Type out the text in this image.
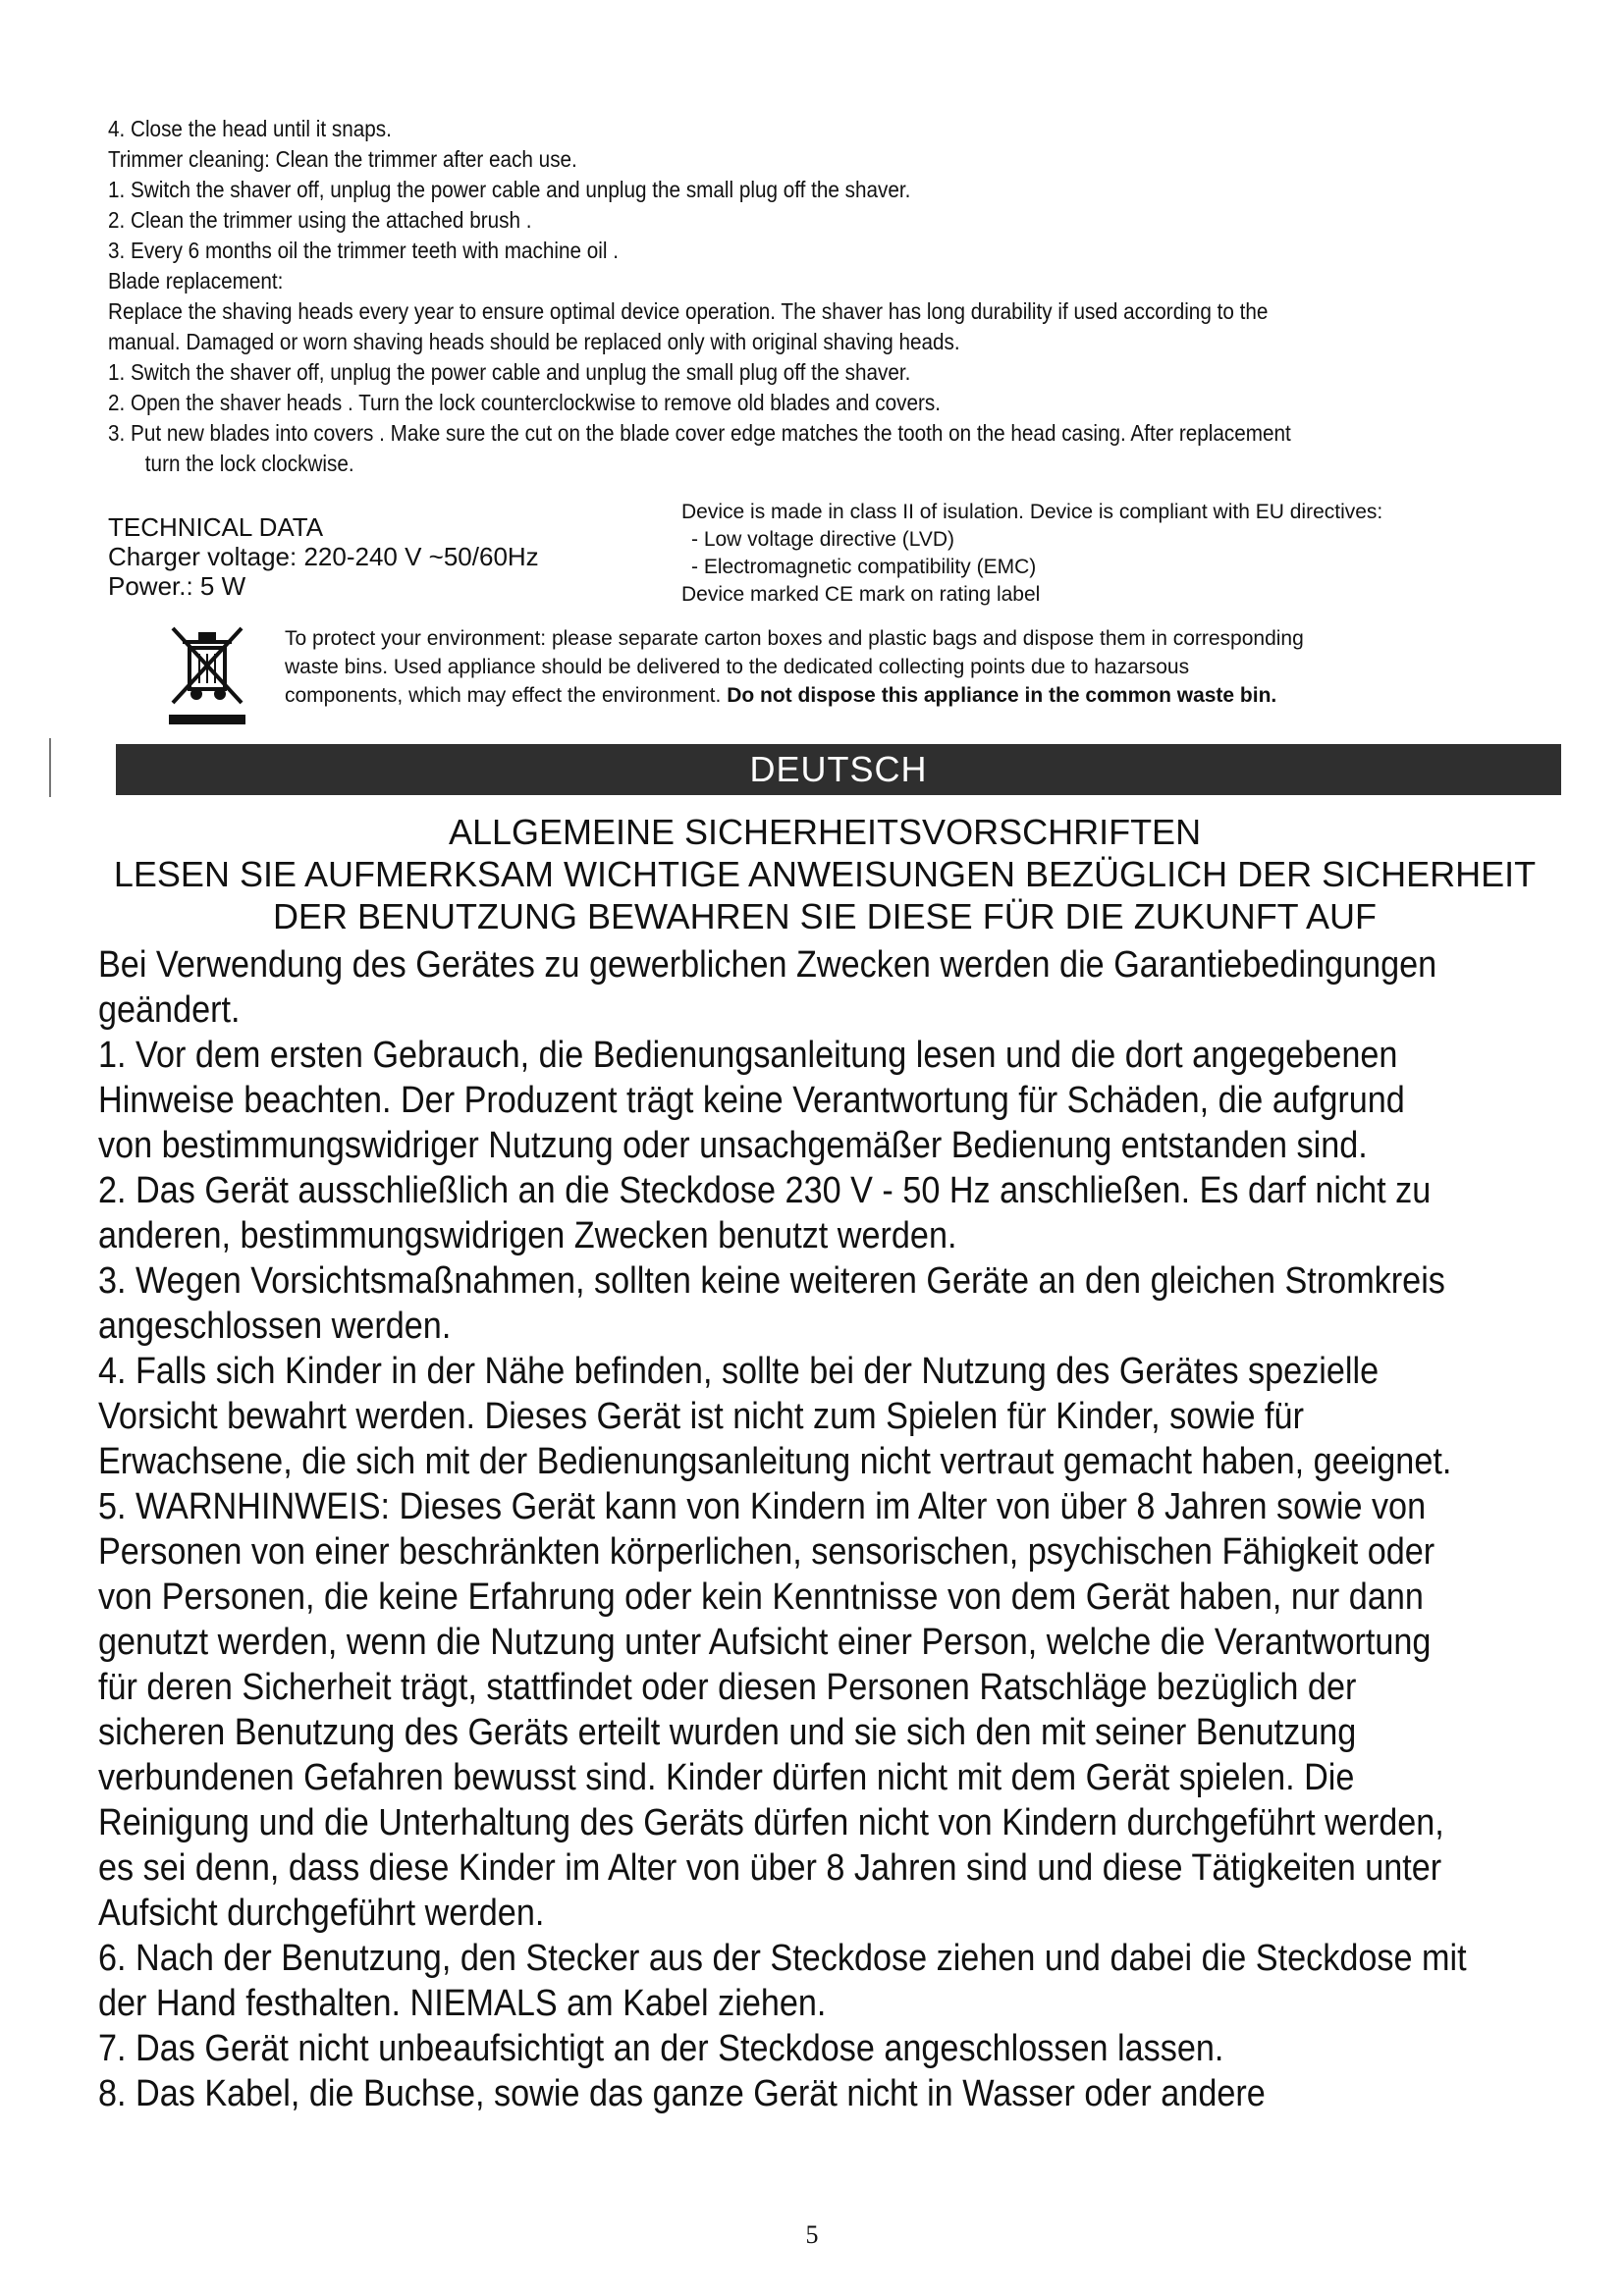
4. Close the head until it snaps.
Trimmer cleaning: Clean the trimmer after each use.
1. Switch the shaver off, unplug the power cable and unplug the small plug off the shaver.
2. Clean the trimmer using the attached brush .
3. Every 6 months oil the trimmer teeth with machine oil .
Blade replacement:
Replace the shaving heads every year to ensure optimal device operation. The shaver has long durability if used according to the
manual. Damaged or worn shaving heads should be replaced only with original shaving heads.
1. Switch the shaver off, unplug the power cable and unplug the small plug off the shaver.
2. Open the shaver heads . Turn the lock counterclockwise to remove old blades and covers.
3. Put new blades into covers . Make sure the cut on the blade cover edge matches the tooth on the head casing. After replacement
turn the lock clockwise.
TECHNICAL DATA
Charger voltage: 220-240 V ~50/60Hz
Power.: 5 W
Device is made in class II of isulation. Device is compliant with EU directives:
- Low voltage directive (LVD)
- Electromagnetic compatibility (EMC)
Device marked CE mark on rating label
To protect your environment: please separate carton boxes and plastic bags and dispose them in corresponding
waste bins. Used appliance should be delivered to the dedicated collecting points due to hazarsous
components, which may effect the environment. Do not dispose this appliance in the common waste bin.
DEUTSCH
ALLGEMEINE SICHERHEITSVORSCHRIFTEN
LESEN SIE AUFMERKSAM WICHTIGE ANWEISUNGEN BEZÜGLICH DER SICHERHEIT
DER BENUTZUNG BEWAHREN SIE DIESE FÜR DIE ZUKUNFT AUF
Bei Verwendung des Gerätes zu gewerblichen Zwecken werden die Garantiebedingungen
geändert.
1. Vor dem ersten Gebrauch, die Bedienungsanleitung lesen und die dort angegebenen
Hinweise beachten. Der Produzent trägt keine Verantwortung für Schäden, die aufgrund
von bestimmungswidriger Nutzung oder unsachgemäßer Bedienung entstanden sind.
2. Das Gerät ausschließlich an die Steckdose 230 V - 50 Hz anschließen. Es darf nicht zu
anderen, bestimmungswidrigen Zwecken benutzt werden.
3. Wegen Vorsichtsmaßnahmen, sollten keine weiteren Geräte an den gleichen Stromkreis
angeschlossen werden.
4. Falls sich Kinder in der Nähe befinden, sollte bei der Nutzung des Gerätes spezielle
Vorsicht bewahrt werden. Dieses Gerät ist nicht zum Spielen für Kinder, sowie für
Erwachsene, die sich mit der Bedienungsanleitung nicht vertraut gemacht haben, geeignet.
5. WARNHINWEIS: Dieses Gerät kann von Kindern im Alter von über 8 Jahren sowie von
Personen von einer beschränkten körperlichen, sensorischen, psychischen Fähigkeit oder
von Personen, die keine Erfahrung oder kein Kenntnisse von dem Gerät haben, nur dann
genutzt werden, wenn die Nutzung unter Aufsicht einer Person, welche die Verantwortung
für deren Sicherheit trägt, stattfindet oder diesen Personen Ratschläge bezüglich der
sicheren Benutzung des Geräts erteilt wurden und sie sich den mit seiner Benutzung
verbundenen Gefahren bewusst sind. Kinder dürfen nicht mit dem Gerät spielen. Die
Reinigung und die Unterhaltung des Geräts dürfen nicht von Kindern durchgeführt werden,
es sei denn, dass diese Kinder im Alter von über 8 Jahren sind und diese Tätigkeiten unter
Aufsicht durchgeführt werden.
6. Nach der Benutzung, den Stecker aus der Steckdose ziehen und dabei die Steckdose mit
der Hand festhalten. NIEMALS am Kabel ziehen.
7. Das Gerät nicht unbeaufsichtigt an der Steckdose angeschlossen lassen.
8. Das Kabel, die Buchse, sowie das ganze Gerät nicht in Wasser oder andere
5
